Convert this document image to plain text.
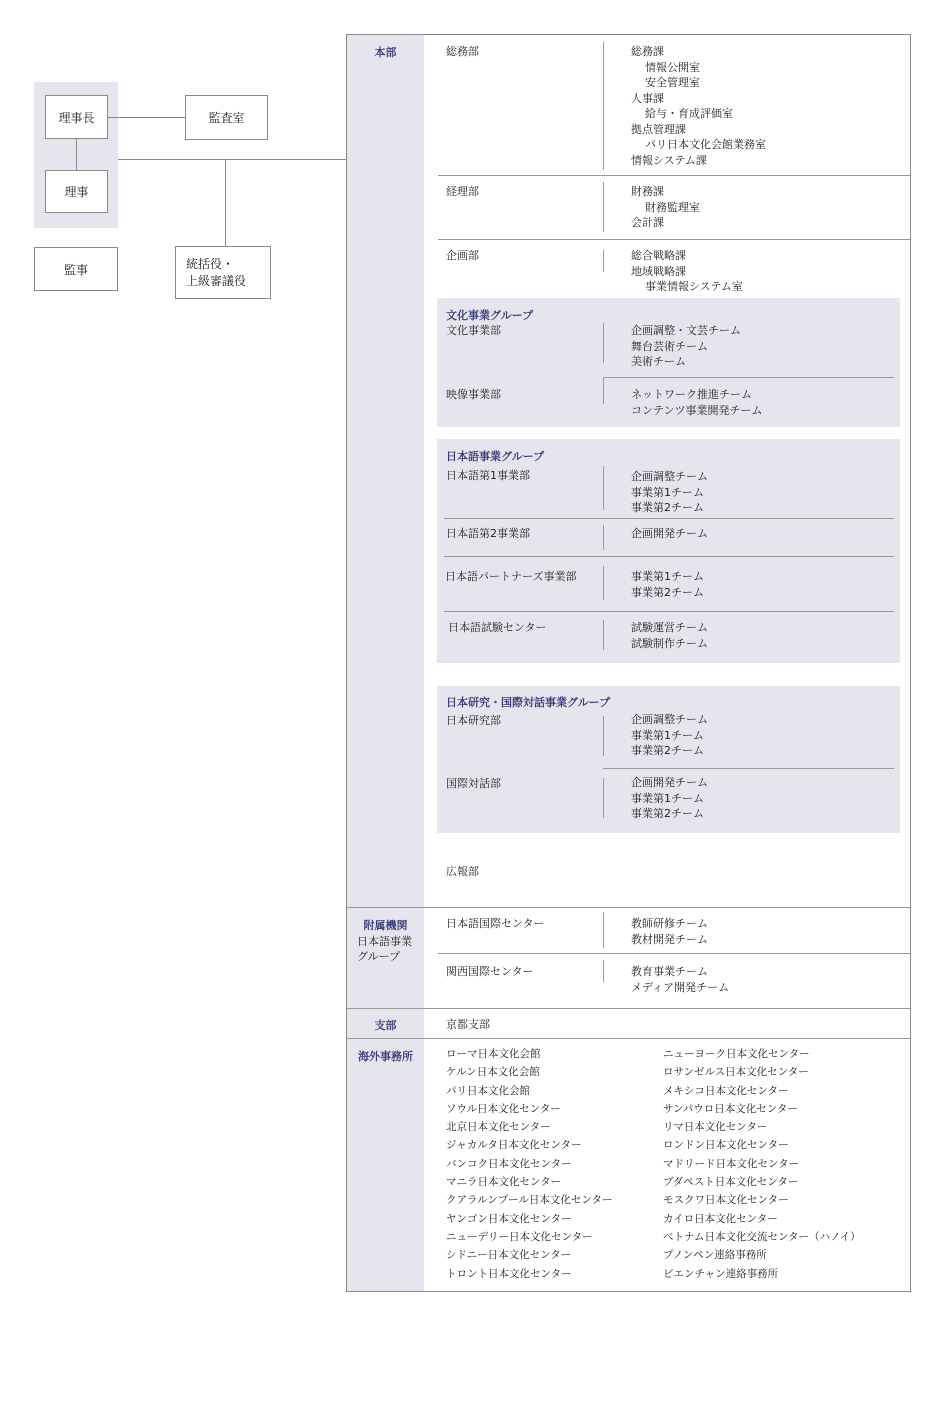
理事長
理事
監査室
監事	統括役・
上級審議役
本部
附属機関
日本語事業
グループ
支部
海外事務所
総務部	総務課
情報公開室
安全管理室
人事課
給与・育成評価室
拠点管理課
パリ日本文化会館業務室
情報システム課
経理部	財務課
財務監理室
会計課
企画部	総合戦略課
地域戦略課
事業情報システム室
文化事業グループ
文化事業部	企画調整・文芸チーム
舞台芸術チーム
美術チーム
映像事業部	ネットワーク推進チーム
コンテンツ事業開発チーム
日本語事業グループ
日本語第1事業部	企画調整チーム
事業第1チーム
事業第2チーム
日本語第2事業部	企画開発チーム
日本語パートナーズ事業部	事業第1チーム
事業第2チーム
日本語試験センター	試験運営チーム
試験制作チーム
日本研究・国際対話事業グループ
日本研究部	企画調整チーム
事業第1チーム
事業第2チーム
国際対話部	企画開発チーム
事業第1チーム
事業第2チーム
広報部
日本語国際センター	教師研修チーム
教材開発チーム
関西国際センター	教育事業チーム
メディア開発チーム
京都支部
ローマ日本文化会館
ケルン日本文化会館
パリ日本文化会館
ソウル日本文化センター
北京日本文化センター
ジャカルタ日本文化センター
バンコク日本文化センター
マニラ日本文化センター
クアラルンプール日本文化センター
ヤンゴン日本文化センター
ニューデリー日本文化センター
シドニー日本文化センター
トロント日本文化センター
ニューヨーク日本文化センター
ロサンゼルス日本文化センター
メキシコ日本文化センター
サンパウロ日本文化センター
リマ日本文化センター
ロンドン日本文化センター
マドリード日本文化センター
ブダペスト日本文化センター
モスクワ日本文化センター
カイロ日本文化センター
ベトナム日本文化交流センター（ハノイ）
プノンペン連絡事務所
ビエンチャン連絡事務所
